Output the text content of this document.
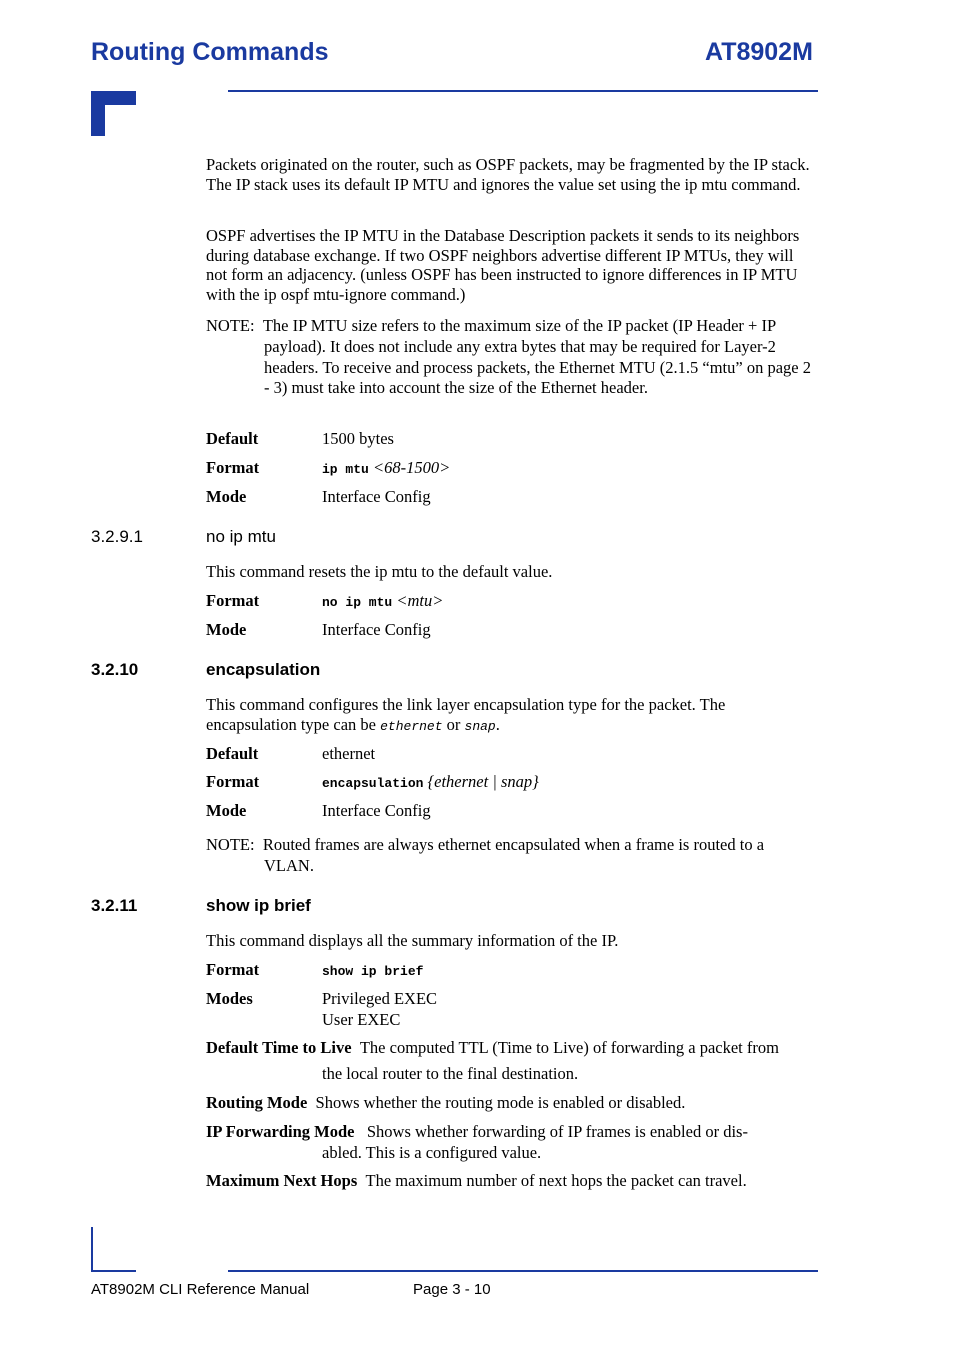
Routing Commands	AT8902M
Packets originated on the router, such as OSPF packets, may be fragmented by the IP stack. The IP stack uses its default IP MTU and ignores the value set using the ip mtu command.
OSPF advertises the IP MTU in the Database Description packets it sends to its neighbors during database exchange. If two OSPF neighbors advertise different IP MTUs, they will not form an adjacency. (unless OSPF has been instructed to ignore differences in IP MTU with the ip ospf mtu-ignore command.)
NOTE: The IP MTU size refers to the maximum size of the IP packet (IP Header + IP payload). It does not include any extra bytes that may be required for Layer-2 headers. To receive and process packets, the Ethernet MTU (2.1.5 “mtu” on page 2 - 3) must take into account the size of the Ethernet header.
Default	1500 bytes
Format	ip mtu <68-1500>
Mode	Interface Config
3.2.9.1	no ip mtu
This command resets the ip mtu to the default value.
Format	no ip mtu <mtu>
Mode	Interface Config
3.2.10	encapsulation
This command configures the link layer encapsulation type for the packet. The encapsulation type can be ethernet or snap.
Default	ethernet
Format	encapsulation {ethernet | snap}
Mode	Interface Config
NOTE: Routed frames are always ethernet encapsulated when a frame is routed to a VLAN.
3.2.11	show ip brief
This command displays all the summary information of the IP.
Format	show ip brief
Modes	Privileged EXEC
User EXEC
Default Time to Live The computed TTL (Time to Live) of forwarding a packet from
the local router to the final destination.
Routing Mode Shows whether the routing mode is enabled or disabled.
IP Forwarding Mode Shows whether forwarding of IP frames is enabled or dis-
abled. This is a configured value.
Maximum Next Hops The maximum number of next hops the packet can travel.
AT8902M CLI Reference Manual	Page 3 - 10
